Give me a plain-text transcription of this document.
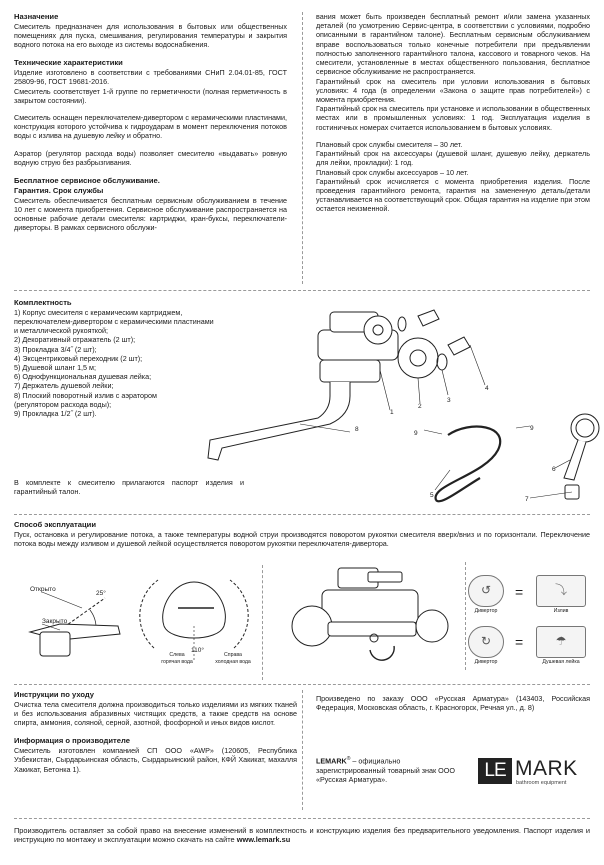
Назначение
Смеситель предназначен для использования в бытовых или общественных помещениях для пуска, смешивания, регулирования температуры и закрытия водного потока на его выходе из системы водоснабжения.
Технические характеристики
Изделие изготовлено в соответствии с требованиями СНиП 2.04.01-85, ГОСТ 25809-96, ГОСТ 19681-2016.
Смеситель соответствует 1-й группе по герметичности (полная герметичность в закрытом состоянии).
Смеситель оснащен переключателем-дивертором с керамическими пластинами, конструкция которого устойчива к гидроударам в момент переключения потоков воды с излива на душевую лейку и обратно.
Аэратор (регулятор расхода воды) позволяет смесителю «выдавать» ровную водную струю без разбрызгивания.
Бесплатное сервисное обслуживание.
Гарантия. Срок службы
Смеситель обеспечивается бесплатным сервисным обслуживанием в течение 10 лет с момента приобретения. Сервисное обслуживание распространяется на основные рабочие детали смесителя: картриджи, кран-буксы, переключатели-диверторы. В рамках сервисного обслужи-
вания может быть произведен бесплатный ремонт и/или замена указанных деталей (по усмотрению Сервис-центра, в соответствии с условиями, подробно описанными в гарантийном талоне). Бесплатным сервисным обслуживанием вправе воспользоваться только конечные потребители при предъявлении полностью заполненного гарантийного талона, кассового и товарного чеков. На смесители, установленные в местах общественного пользования, бесплатное сервисное обслуживание не распространяется.
Гарантийный срок на смеситель при условии использования в бытовых условиях: 4 года (в определении «Закона о защите прав потребителей») с момента приобретения.
Гарантийный срок на смеситель при установке и использовании в общественных местах или в промышленных условиях: 1 год. Эксплуатация изделия в гостиничных номерах считается использованием в бытовых условиях.
Плановый срок службы смесителя – 30 лет.
Гарантийный срок на аксессуары (душевой шланг, душевую лейку, держатель для лейки, прокладки): 1 год.
Плановый срок службы аксессуаров – 10 лет.
Гарантийный срок исчисляется с момента приобретения изделия. После проведения гарантийного ремонта, гарантия на замененную деталь/детали устанавливается на соответствующий срок. Общая гарантия на изделие при этом остается неизменной.
Комплектность
1) Корпус смесителя с керамическим картриджем,
переключателем-дивертором с керамическими пластинами
и металлической рукояткой;
2) Декоративный отражатель (2 шт);
3) Прокладка 3/4˝ (2 шт);
4) Эксцентриковый переходник (2 шт);
5) Душевой шланг 1,5 м;
6) Однофункциональная душевая лейка;
7) Держатель душевой лейки;
8) Плоский поворотный излив с аэратором
(регулятором расхода воды);
9) Прокладка 1/2˝ (2 шт).
В комплекте к смесителю прилагаются паспорт изделия и гарантийный талон.
1
2
3
4
5
6
7
8
9
9
Способ эксплуатации
Пуск, остановка и регулирование потока, а также температуры водной струи производятся поворотом рукоятки смесителя вверх/вниз и по горизонтали. Переключение потока воды между изливом и душевой лейкой осуществляется поворотом рукоятки переключателя-дивертора.
Открыто
Закрыто
25°
110°
Слева
горячая вода
Справа
холодная вода
↺
Дивертор
=	⤵
Излив
↻
Дивертор
=	☂
Душевая лейка
Инструкции по уходу
Очистка тела смесителя должна производиться только изделиями из мягких тканей и без использования абразивных чистящих средств, а также средств на основе спирта, аммония, соляной, серной, азотной, фосфорной и иных видов кислот.
Информация о производителе
Смеситель изготовлен компанией СП ООО «AWP» (120605, Республика Узбекистан, Сырдарьинская область, Сырдарьинский район, КФЙ Хакикат, махалля Хакикат, Бетонка 1).
Произведено по заказу ООО «Русская Арматура» (143403, Российская Федерация, Московская область, г. Красногорск, Речная ул., д. 8)
LEMARK® – официально зарегистрированный товарный знак ООО «Русская Арматура».	LE MARK
bathroom equipment
Производитель оставляет за собой право на внесение изменений в комплектность и конструкцию изделия без предварительного уведомления. Паспорт изделия и инструкцию по монтажу и эксплуатации можно скачать на сайте www.lemark.su
